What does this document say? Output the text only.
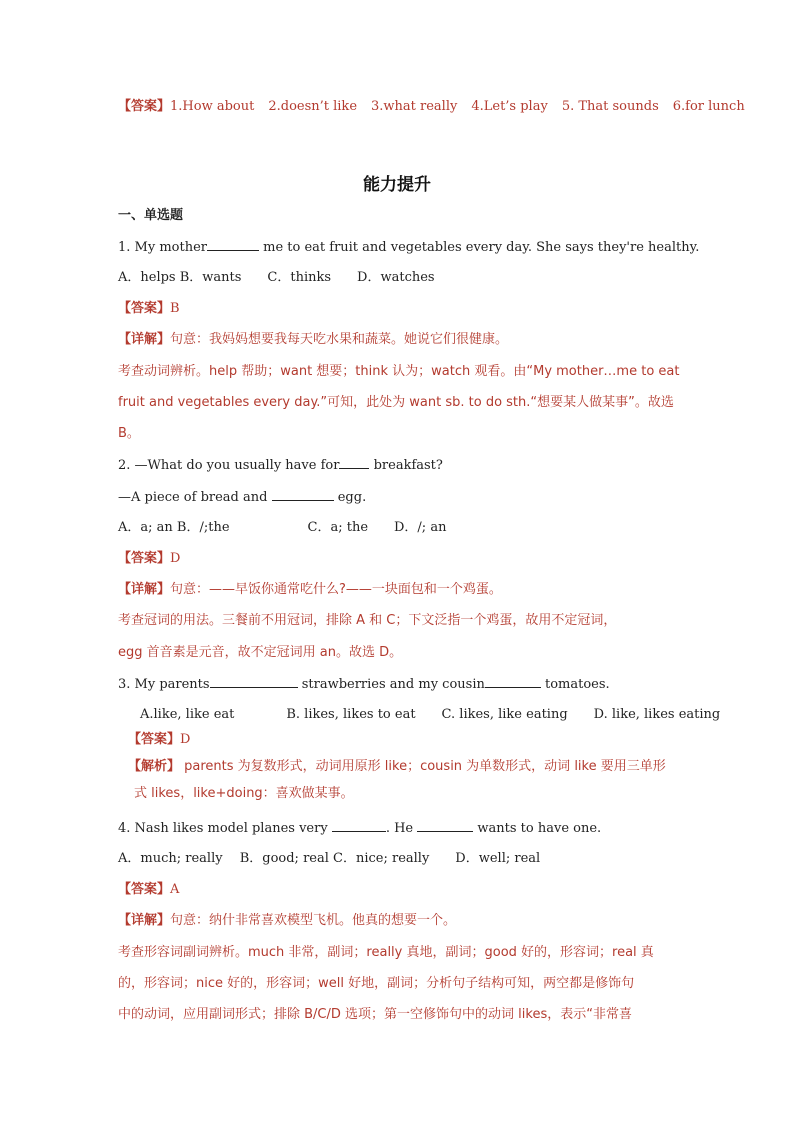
【答案】1.How about 2.doesn’t like 3.what really 4.Let’s play 5. That sounds 6.for lunch
能力提升
一、单选题
1. My mother	me to eat fruit and vegetables every day. She says they're healthy.
A．helps B．wants　　C．thinks　　D．watches
【答案】B
【详解】句意：我妈妈想要我每天吃水果和蔬菜。她说它们很健康。
考查动词辨析。help 帮助；want 想要；think 认为；watch 观看。由“My mother…me to eat
fruit and vegetables every day.”可知，此处为 want sb. to do sth.“想要某人做某事”。故选
B。
2. —What do you usually have for breakfast?
—A piece of bread and	egg.
A．a; an B．/;the　　　　　　C．a; the　　D．/; an
【答案】D
【详解】句意：——早饭你通常吃什么?——一块面包和一个鸡蛋。
考查冠词的用法。三餐前不用冠词，排除 A 和 C；下文泛指一个鸡蛋，故用不定冠词，
egg 首音素是元音，故不定冠词用 an。故选 D。
3. My parents	strawberries and my cousin	tomatoes.
A.like, like eat　　　　B. likes, likes to eat　　C. likes, like eating　　D. like, likes eating
【答案】D
【解析】 parents 为复数形式，动词用原形 like；cousin 为单数形式，动词 like 要用三单形
式 likes，like+doing：喜欢做某事。
4. Nash likes model planes very	. He	wants to have one.
A．much; really　 B．good; real C．nice; really　　D．well; real
【答案】A
【详解】句意：纳什非常喜欢模型飞机。他真的想要一个。
考查形容词副词辨析。much 非常，副词；really 真地，副词；good 好的，形容词；real 真
的，形容词；nice 好的，形容词；well 好地，副词；分析句子结构可知，两空都是修饰句
中的动词，应用副词形式；排除 B/C/D 选项；第一空修饰句中的动词 likes，表示“非常喜
